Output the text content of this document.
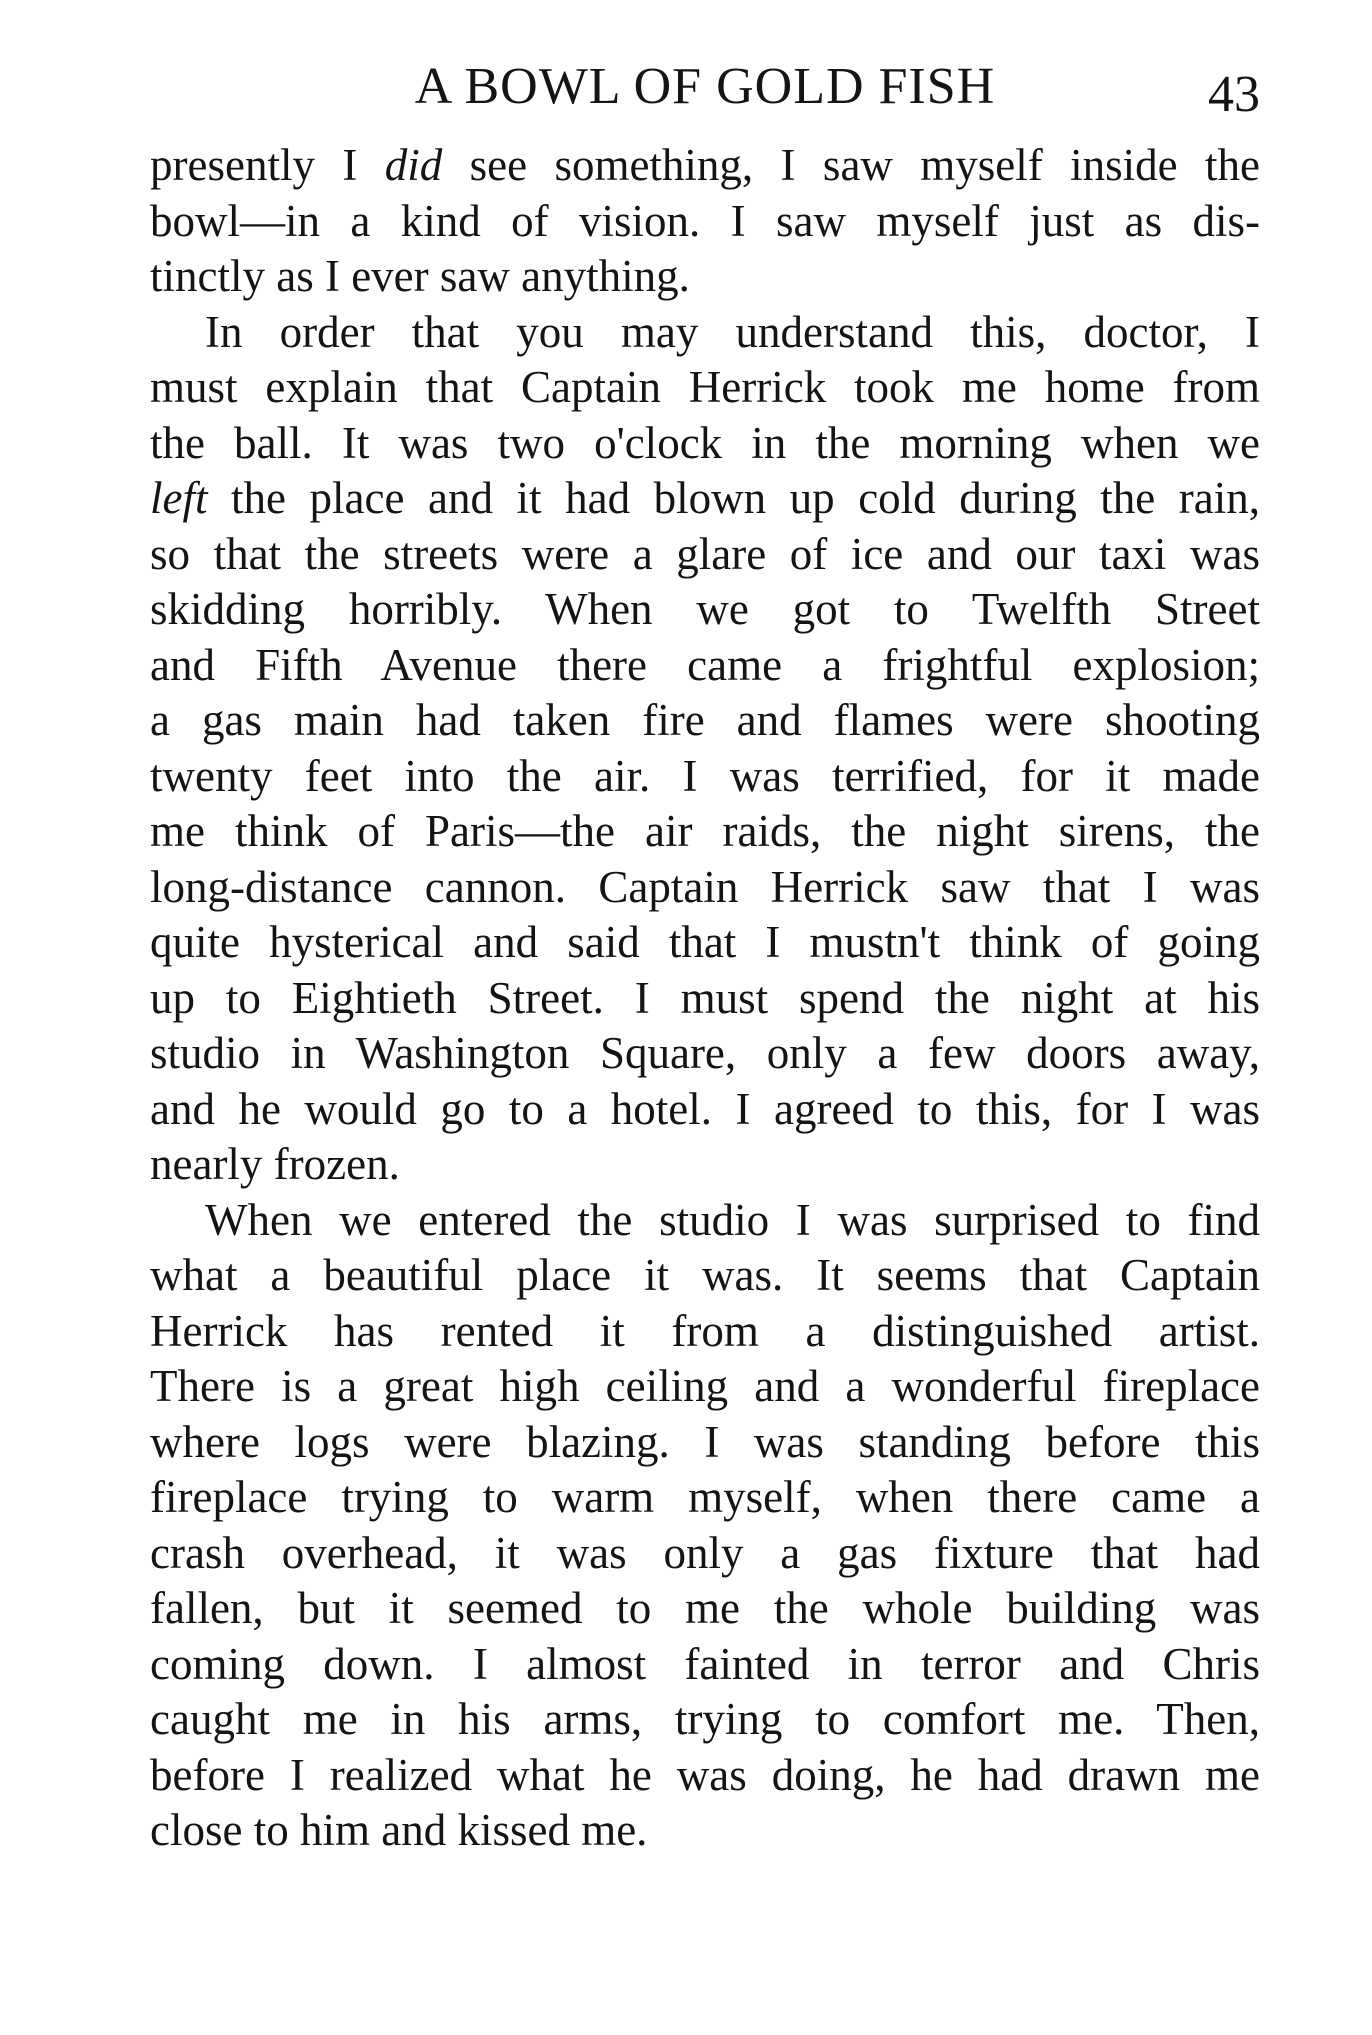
A BOWL OF GOLD FISH	43
presently I did see something, I saw myself inside the
bowl—in a kind of vision. I saw myself just as dis-
tinctly as I ever saw anything.
In order that you may understand this, doctor, I
must explain that Captain Herrick took me home from
the ball. It was two o'clock in the morning when we
left the place and it had blown up cold during the rain,
so that the streets were a glare of ice and our taxi was
skidding horribly. When we got to Twelfth Street
and Fifth Avenue there came a frightful explosion;
a gas main had taken fire and flames were shooting
twenty feet into the air. I was terrified, for it made
me think of Paris—the air raids, the night sirens, the
long-distance cannon. Captain Herrick saw that I was
quite hysterical and said that I mustn't think of going
up to Eightieth Street. I must spend the night at his
studio in Washington Square, only a few doors away,
and he would go to a hotel. I agreed to this, for I was
nearly frozen.
When we entered the studio I was surprised to find
what a beautiful place it was. It seems that Captain
Herrick has rented it from a distinguished artist.
There is a great high ceiling and a wonderful fireplace
where logs were blazing. I was standing before this
fireplace trying to warm myself, when there came a
crash overhead, it was only a gas fixture that had
fallen, but it seemed to me the whole building was
coming down. I almost fainted in terror and Chris
caught me in his arms, trying to comfort me. Then,
before I realized what he was doing, he had drawn me
close to him and kissed me.
